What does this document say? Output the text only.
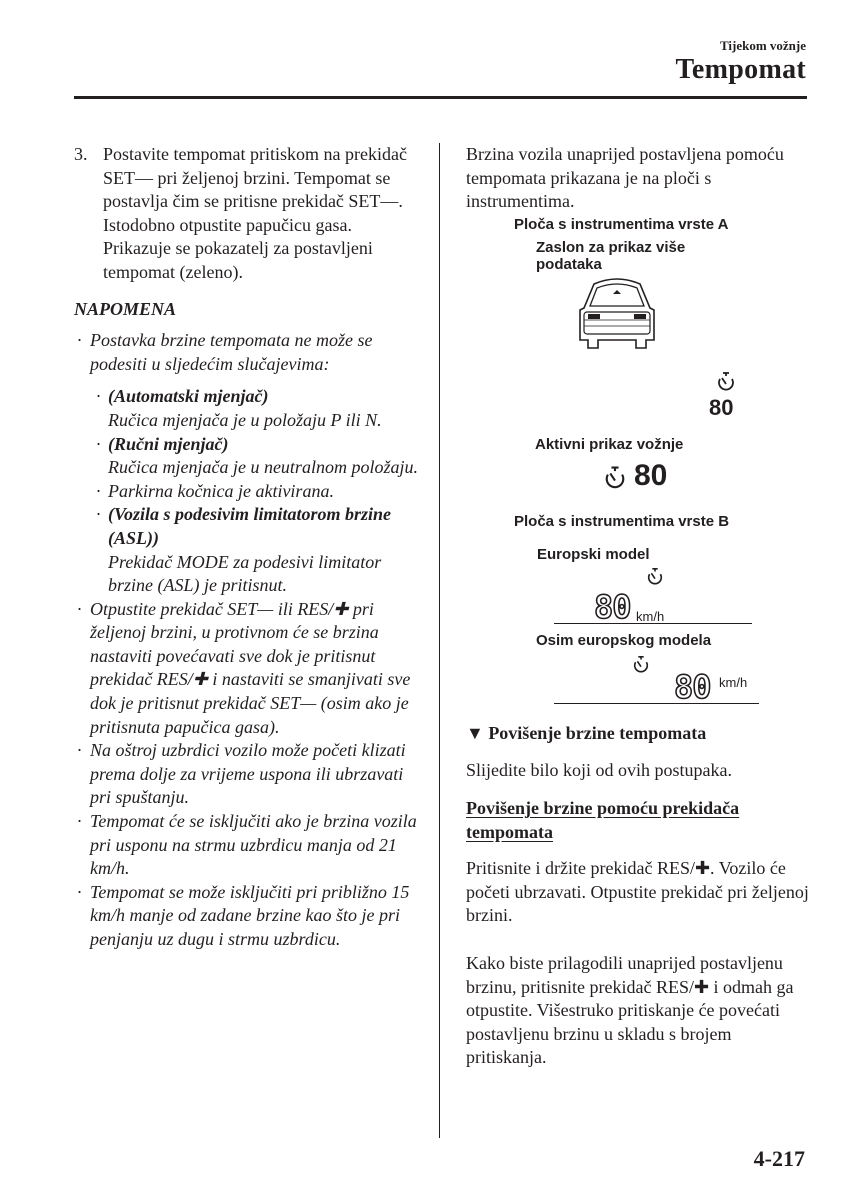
Tijekom vožnje
Tempomat
3. Postavite tempomat pritiskom na prekidač SET— pri željenoj brzini. Tempomat se postavlja čim se pritisne prekidač SET—. Istodobno otpustite papučicu gasa. Prikazuje se pokazatelj za postavljeni tempomat (zeleno).
NAPOMENA
· Postavka brzine tempomata ne može se podesiti u sljedećim slučajevima:
· (Automatski mjenjač)
Ručica mjenjača je u položaju P ili N.
· (Ručni mjenjač)
Ručica mjenjača je u neutralnom položaju.
· Parkirna kočnica je aktivirana.
· (Vozila s podesivim limitatorom brzine (ASL))
Prekidač MODE za podesivi limitator brzine (ASL) je pritisnut.
· Otpustite prekidač SET— ili RES/✚ pri željenoj brzini, u protivnom će se brzina nastaviti povećavati sve dok je pritisnut prekidač RES/✚ i nastaviti se smanjivati sve dok je pritisnut prekidač SET— (osim ako je pritisnuta papučica gasa).
· Na oštroj uzbrdici vozilo može početi klizati prema dolje za vrijeme uspona ili ubrzavati pri spuštanju.
· Tempomat će se isključiti ako je brzina vozila pri usponu na strmu uzbrdicu manja od 21 km/h.
· Tempomat se može isključiti pri približno 15 km/h manje od zadane brzine kao što je pri penjanju uz dugu i strmu uzbrdicu.
Brzina vozila unaprijed postavljena pomoću tempomata prikazana je na ploči s instrumentima.
Ploča s instrumentima vrste A
Zaslon za prikaz više podataka
80
Aktivni prikaz vožnje
80
Ploča s instrumentima vrste B
Europski model
80 km/h
Osim europskog modela
80 km/h
▼ Povišenje brzine tempomata
Slijedite bilo koji od ovih postupaka.
Povišenje brzine pomoću prekidača
tempomata
Pritisnite i držite prekidač RES/✚. Vozilo će početi ubrzavati. Otpustite prekidač pri željenoj brzini.
Kako biste prilagodili unaprijed postavljenu brzinu, pritisnite prekidač RES/✚ i odmah ga otpustite. Višestruko pritiskanje će povećati postavljenu brzinu u skladu s brojem pritiskanja.
4-217
